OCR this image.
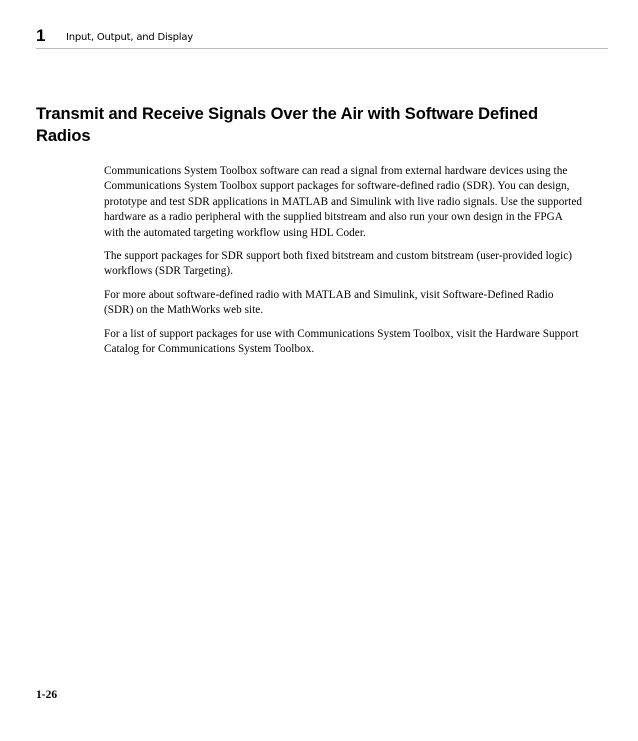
1 Input, Output, and Display
Transmit and Receive Signals Over the Air with Software Defined Radios

Communications System Toolbox software can read a signal from external hardware devices using the Communications System Toolbox support packages for software-defined radio (SDR). You can design, prototype and test SDR applications in MATLAB and Simulink with live radio signals. Use the supported hardware as a radio peripheral with the supplied bitstream and also run your own design in the FPGA with the automated targeting workflow using HDL Coder.

The support packages for SDR support both fixed bitstream and custom bitstream (user-provided logic) workflows (SDR Targeting).

For more about software-defined radio with MATLAB and Simulink, visit Software-Defined Radio (SDR) on the MathWorks web site.

For a list of support packages for use with Communications System Toolbox, visit the Hardware Support Catalog for Communications System Toolbox.

1-26
